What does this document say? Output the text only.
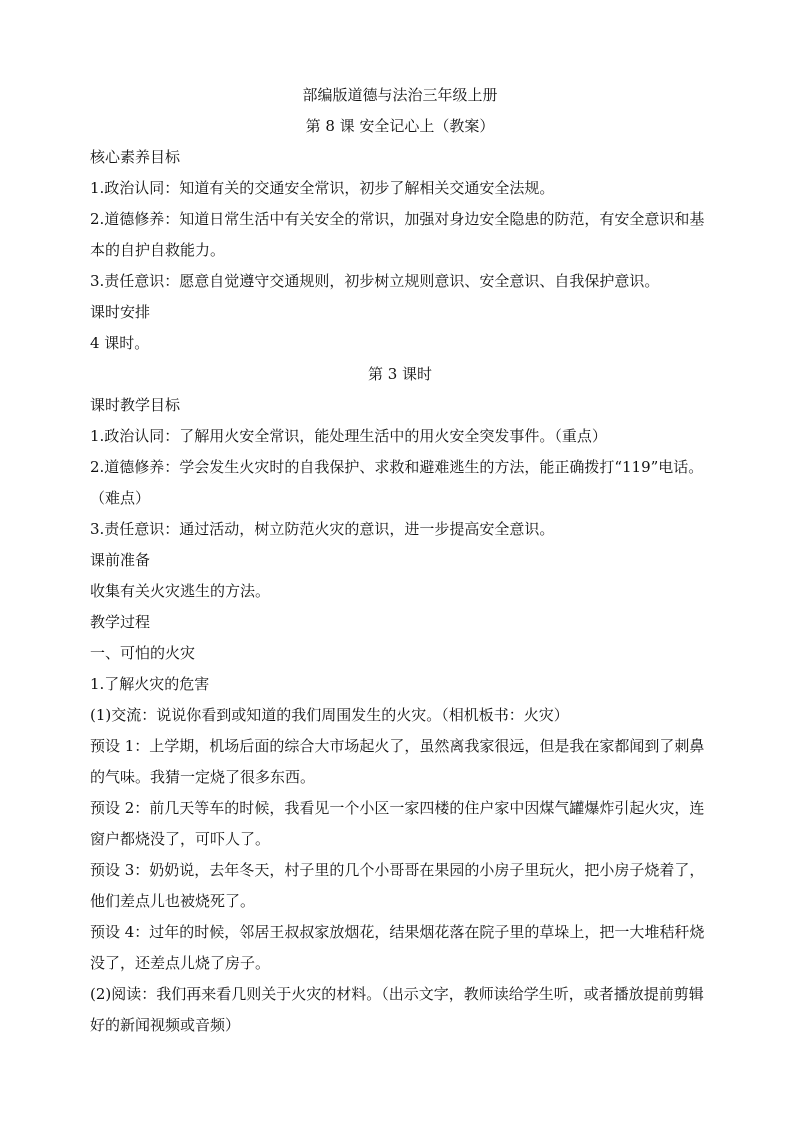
部编版道德与法治三年级上册

第 8 课 安全记心上（教案）

核心素养目标

1.政治认同：知道有关的交通安全常识，初步了解相关交通安全法规。

2.道德修养：知道日常生活中有关安全的常识，加强对身边安全隐患的防范，有安全意识和基本的自护自救能力。

3.责任意识：愿意自觉遵守交通规则，初步树立规则意识、安全意识、自我保护意识。

课时安排

4 课时。

第 3 课时

课时教学目标

1.政治认同：了解用火安全常识，能处理生活中的用火安全突发事件。（重点）

2.道德修养：学会发生火灾时的自我保护、求救和避难逃生的方法，能正确拨打“119”电话。（难点）

3.责任意识：通过活动，树立防范火灾的意识，进一步提高安全意识。

课前准备

收集有关火灾逃生的方法。

教学过程

一、可怕的火灾

1.了解火灾的危害

(1)交流：说说你看到或知道的我们周围发生的火灾。（相机板书：火灾）

预设 1：上学期，机场后面的综合大市场起火了，虽然离我家很远，但是我在家都闻到了刺鼻的气味。我猜一定烧了很多东西。

预设 2：前几天等车的时候，我看见一个小区一家四楼的住户家中因煤气罐爆炸引起火灾，连窗户都烧没了，可吓人了。

预设 3：奶奶说，去年冬天，村子里的几个小哥哥在果园的小房子里玩火，把小房子烧着了，他们差点儿也被烧死了。

预设 4：过年的时候，邻居王叔叔家放烟花，结果烟花落在院子里的草垛上，把一大堆秸秆烧没了，还差点儿烧了房子。

(2)阅读：我们再来看几则关于火灾的材料。（出示文字，教师读给学生听，或者播放提前剪辑好的新闻视频或音频）
